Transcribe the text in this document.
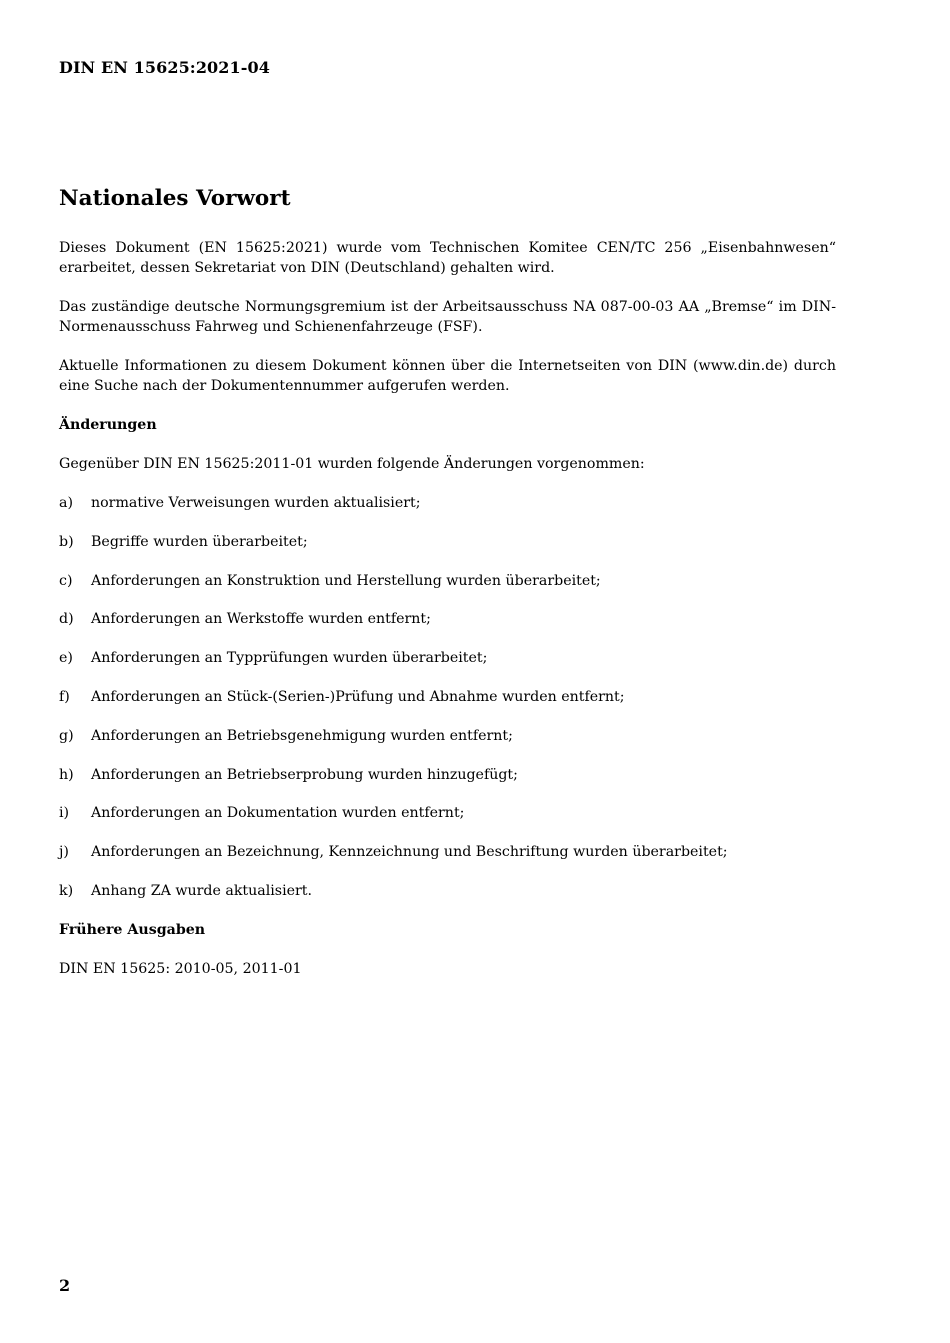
DIN EN 15625:2021-04
Nationales Vorwort

Dieses Dokument (EN 15625:2021) wurde vom Technischen Komitee CEN/TC 256 „Eisenbahnwesen“ erarbeitet, dessen Sekretariat von DIN (Deutschland) gehalten wird.

Das zuständige deutsche Normungsgremium ist der Arbeitsausschuss NA 087-00-03 AA „Bremse“ im DIN-Normenausschuss Fahrweg und Schienenfahrzeuge (FSF).

Aktuelle Informationen zu diesem Dokument können über die Internetseiten von DIN (www.din.de) durch eine Suche nach der Dokumentennummer aufgerufen werden.

Änderungen

Gegenüber DIN EN 15625:2011-01 wurden folgende Änderungen vorgenommen:

a)	normative Verweisungen wurden aktualisiert;
b)	Begriffe wurden überarbeitet;
c)	Anforderungen an Konstruktion und Herstellung wurden überarbeitet;
d)	Anforderungen an Werkstoffe wurden entfernt;
e)	Anforderungen an Typprüfungen wurden überarbeitet;
f)	Anforderungen an Stück-(Serien-)Prüfung und Abnahme wurden entfernt;
g)	Anforderungen an Betriebsgenehmigung wurden entfernt;
h)	Anforderungen an Betriebserprobung wurden hinzugefügt;
i)	Anforderungen an Dokumentation wurden entfernt;
j)	Anforderungen an Bezeichnung, Kennzeichnung und Beschriftung wurden überarbeitet;
k)	Anhang ZA wurde aktualisiert.
Frühere Ausgaben

DIN EN 15625: 2010-05, 2011-01

2
